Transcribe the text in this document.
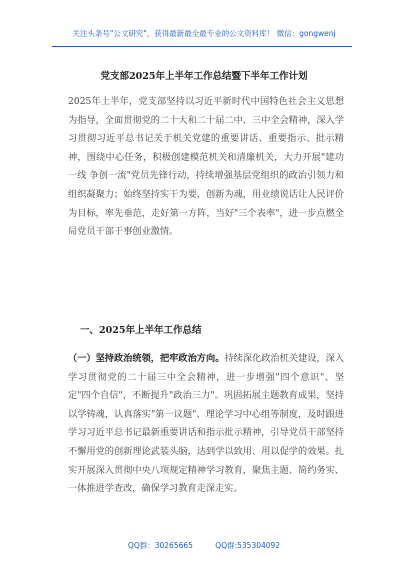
关注头条号"公文研究"，获得最新最全最专业的公文资料库！ 微信：gongwenj
党支部2025年上半年工作总结暨下半年工作计划
2025年上半年，党支部坚持以习近平新时代中国特色社会主义思想为指导，全面贯彻党的二十大和二十届二中、三中全会精神，深入学习贯彻习近平总书记关于机关党建的重要讲话、重要指示、批示精神，围绕中心任务，积极创建模范机关和清廉机关，大力开展"建功一线 争创一流"党员先锋行动，持续增强基层党组织的政治引领力和组织凝聚力；始终坚持实干为要，创新为魂，用业绩说话让人民评价为目标，率先垂范，走好第一方阵，当好"三个表率"，进一步点燃全局党员干部干事创业激情。
一、2025年上半年工作总结
（一）坚持政治统领，把牢政治方向。持续深化政治机关建设，深入学习贯彻党的二十届三中全会精神，进一步增强"四个意识"、坚定"四个自信"，不断提升"政治三力"。巩固拓展主题教育成果，坚持以学铸魂，认真落实"第一议题"、理论学习中心组等制度，及时跟进学习习近平总书记最新重要讲话和指示批示精神，引导党员干部坚持不懈用党的创新理论武装头脑，达到学以致用、用以促学的效果。扎实开展深入贯彻中央八项规定精神学习教育，聚焦主题、简约务实、一体推进学查改，确保学习教育走深走实。
QQ群：30265665	QQ群:535304092
